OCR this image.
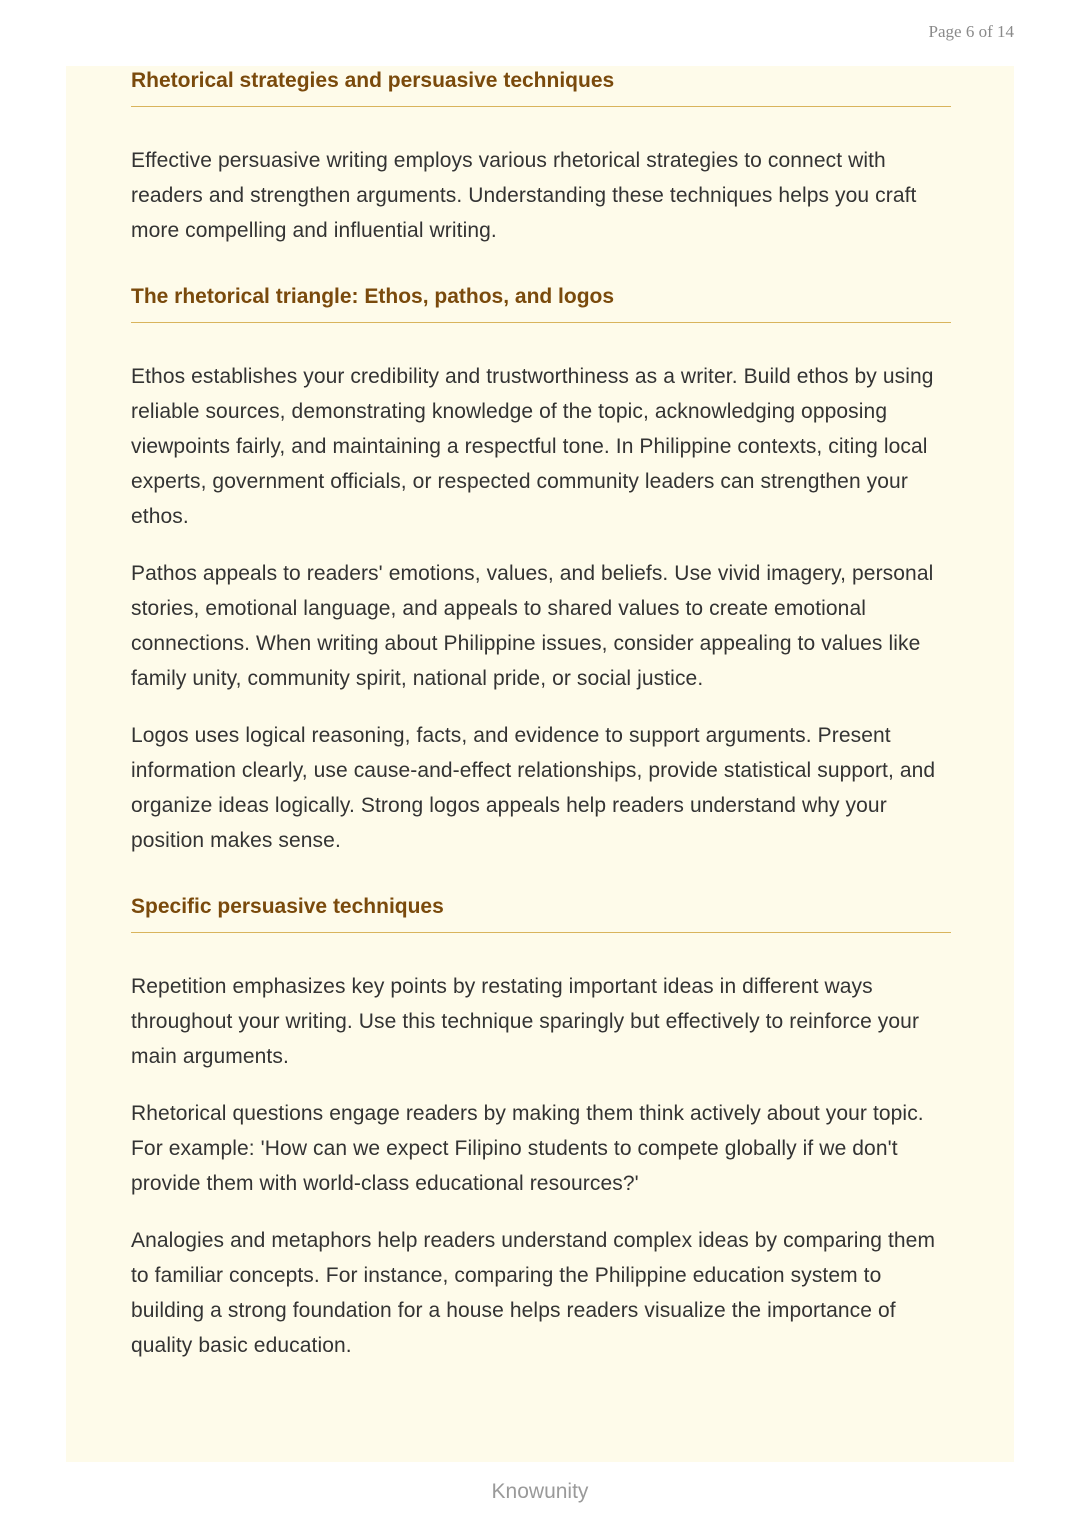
Page 6 of 14
Rhetorical strategies and persuasive techniques

Effective persuasive writing employs various rhetorical strategies to connect with readers and strengthen arguments. Understanding these techniques helps you craft more compelling and influential writing.

The rhetorical triangle: Ethos, pathos, and logos

Ethos establishes your credibility and trustworthiness as a writer. Build ethos by using reliable sources, demonstrating knowledge of the topic, acknowledging opposing viewpoints fairly, and maintaining a respectful tone. In Philippine contexts, citing local experts, government officials, or respected community leaders can strengthen your ethos.

Pathos appeals to readers' emotions, values, and beliefs. Use vivid imagery, personal stories, emotional language, and appeals to shared values to create emotional connections. When writing about Philippine issues, consider appealing to values like family unity, community spirit, national pride, or social justice.

Logos uses logical reasoning, facts, and evidence to support arguments. Present information clearly, use cause-and-effect relationships, provide statistical support, and organize ideas logically. Strong logos appeals help readers understand why your position makes sense.

Specific persuasive techniques

Repetition emphasizes key points by restating important ideas in different ways throughout your writing. Use this technique sparingly but effectively to reinforce your main arguments.

Rhetorical questions engage readers by making them think actively about your topic. For example: 'How can we expect Filipino students to compete globally if we don't provide them with world-class educational resources?'

Analogies and metaphors help readers understand complex ideas by comparing them to familiar concepts. For instance, comparing the Philippine education system to building a strong foundation for a house helps readers visualize the importance of quality basic education.

Knowunity
